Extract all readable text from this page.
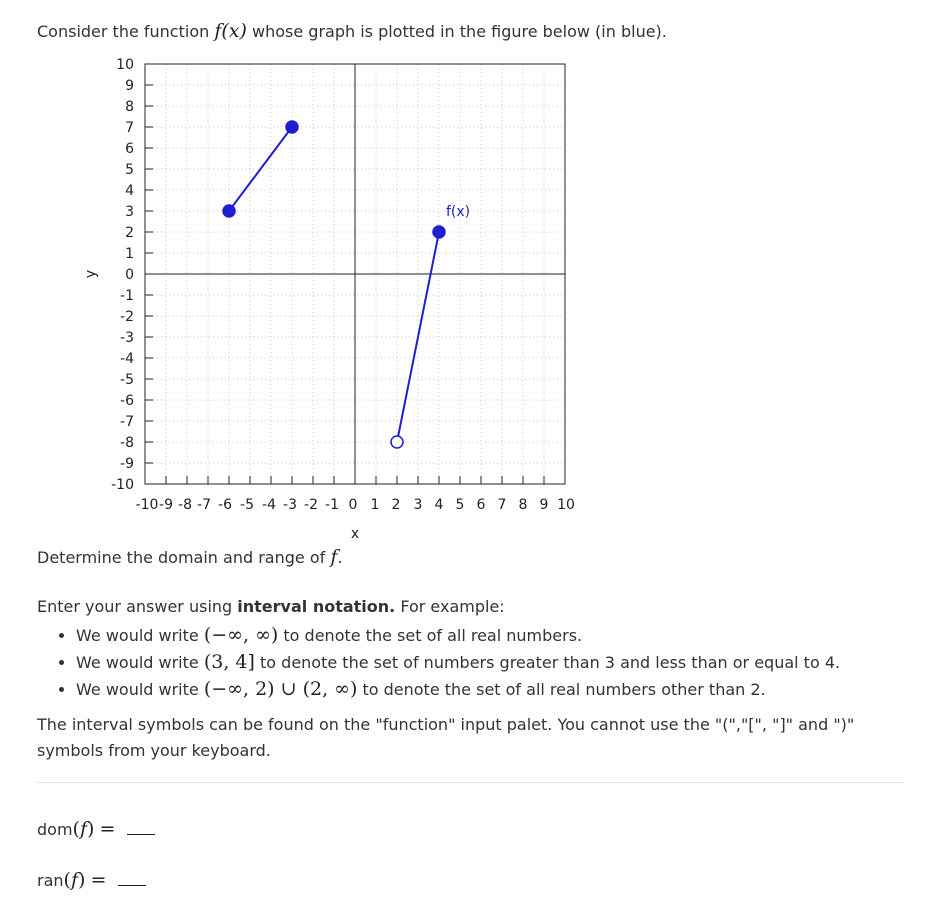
Consider the function f(x) whose graph is plotted in the figure below (in blue).
-10 -9 -8 -7 -6 -5 -4 -3 -2 -1 0 1 2 3 4 5 6 7 8 9 10
10
9
8
7
6
5
4
3
2
1
0
-1
-2
-3
-4
-5
-6
-7
-8
-9
-10
x
y
f(x)
Determine the domain and range of f.
Enter your answer using interval notation. For example:
• We would write (−∞, ∞) to denote the set of all real numbers.
• We would write (3, 4] to denote the set of numbers greater than 3 and less than or equal to 4.
• We would write (−∞, 2) ∪ (2, ∞) to denote the set of all real numbers other than 2.
The interval symbols can be found on the "function" input palet. You cannot use the "(","[", "]" and ")" symbols from your keyboard.
dom(f) =
ran(f) =
